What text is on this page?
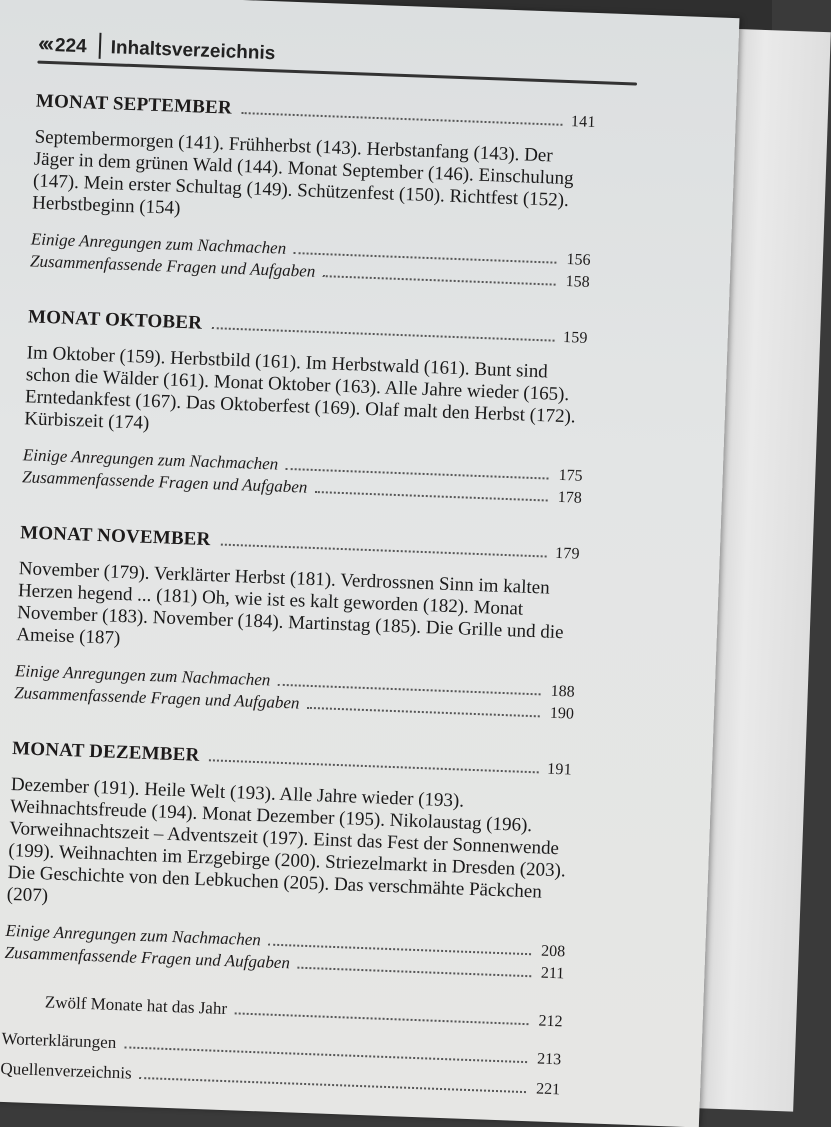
‹‹‹ 224	Inhaltsverzeichnis
MONAT SEPTEMBER
141
Septembermorgen (141). Frühherbst (143). Herbstanfang (143). Der Jäger in dem grünen Wald (144). Monat September (146). Einschulung (147). Mein erster Schultag (149). Schützenfest (150). Richtfest (152). Herbstbeginn (154)
Einige Anregungen zum Nachmachen
156
Zusammenfassende Fragen und Aufgaben
158
MONAT OKTOBER
159
Im Oktober (159). Herbstbild (161). Im Herbstwald (161). Bunt sind schon die Wälder (161). Monat Oktober (163). Alle Jahre wieder (165). Erntedankfest (167). Das Oktoberfest (169). Olaf malt den Herbst (172). Kürbiszeit (174)
Einige Anregungen zum Nachmachen
175
Zusammenfassende Fragen und Aufgaben
178
MONAT NOVEMBER
179
November (179). Verklärter Herbst (181). Verdrossnen Sinn im kalten Herzen hegend ... (181) Oh, wie ist es kalt geworden (182). Monat November (183). November (184). Martinstag (185). Die Grille und die Ameise (187)
Einige Anregungen zum Nachmachen
188
Zusammenfassende Fragen und Aufgaben
190
MONAT DEZEMBER
191
Dezember (191). Heile Welt (193). Alle Jahre wieder (193). Weihnachtsfreude (194). Monat Dezember (195). Nikolaustag (196). Vorweihnachtszeit – Adventszeit (197). Einst das Fest der Sonnenwende (199). Weihnachten im Erzgebirge (200). Striezelmarkt in Dresden (203). Die Geschichte von den Lebkuchen (205). Das verschmähte Päckchen (207)
Einige Anregungen zum Nachmachen
208
Zusammenfassende Fragen und Aufgaben
211
Zwölf Monate hat das Jahr
212
Worterklärungen
213
Quellenverzeichnis
221
